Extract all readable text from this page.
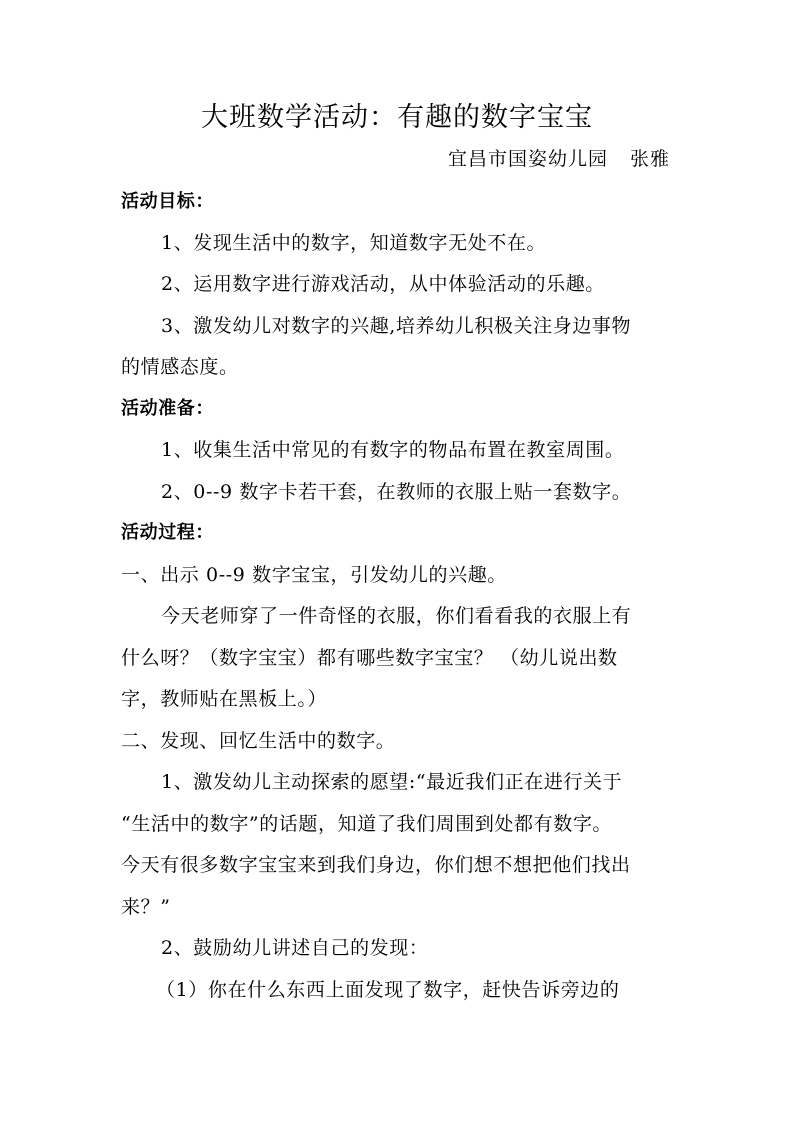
大班数学活动：有趣的数字宝宝
宜昌市国姿幼儿园 张雅
活动目标：
1、发现生活中的数字，知道数字无处不在。
2、运用数字进行游戏活动，从中体验活动的乐趣。
3、激发幼儿对数字的兴趣,培养幼儿积极关注身边事物
的情感态度。
活动准备：
1、收集生活中常见的有数字的物品布置在教室周围。
2、0--9 数字卡若干套，在教师的衣服上贴一套数字。
活动过程：
一、出示 0--9 数字宝宝，引发幼儿的兴趣。
今天老师穿了一件奇怪的衣服，你们看看我的衣服上有
什么呀？（数字宝宝）都有哪些数字宝宝？ （幼儿说出数
字，教师贴在黑板上。）
二、发现、回忆生活中的数字。
1、激发幼儿主动探索的愿望:“最近我们正在进行关于
“生活中的数字”的话题，知道了我们周围到处都有数字。
今天有很多数字宝宝来到我们身边，你们想不想把他们找出
来？”
2、鼓励幼儿讲述自己的发现：
（1）你在什么东西上面发现了数字，赶快告诉旁边的
